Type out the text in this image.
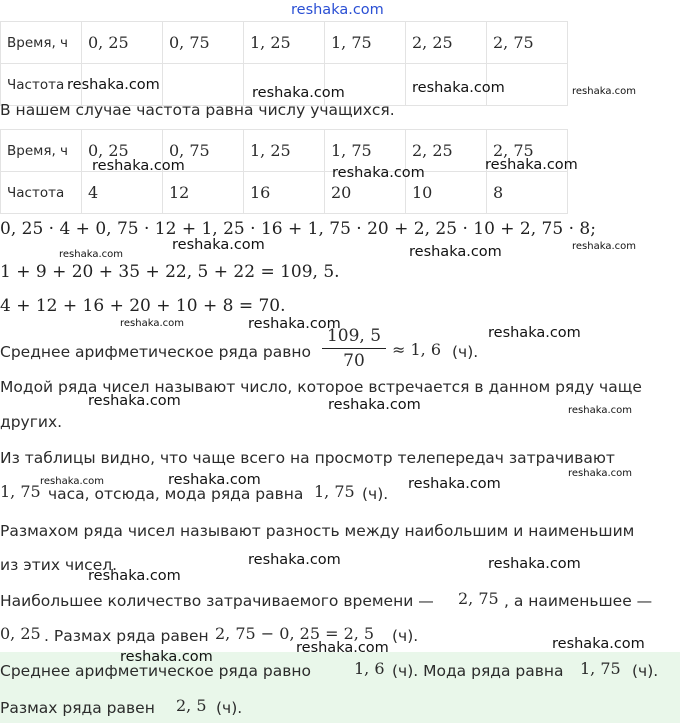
reshaka.com
Время, ч	0, 25	0, 75	1, 25	1, 75	2, 25	2, 75
Частота						
В нашем случае частота равна числу учащихся.
Время, ч	0, 25	0, 75	1, 25	1, 75	2, 25	2, 75
Частота	4	12	16	20	10	8
0, 25 · 4 + 0, 75 · 12 + 1, 25 · 16 + 1, 75 · 20 + 2, 25 · 10 + 2, 75 · 8;
1 + 9 + 20 + 35 + 22, 5 + 22 = 109, 5.
4 + 12 + 16 + 20 + 10 + 8 = 70.
Среднее арифметическое ряда равно
109, 5
70
≈ 1, 6 (ч).
Модой ряда чисел называют число, которое встречается в данном ряду чаще
других.
Из таблицы видно, что чаще всего на просмотр телепередач затрачивают
1, 75 часа, отсюда, мода ряда равна 1, 75 (ч).
Размахом ряда чисел называют разность между наибольшим и наименьшим
из этих чисел.
Наибольшее количество затрачиваемого времени — 2, 75 , а наименьшее —
0, 25 . Размах ряда равен 2, 75 − 0, 25 = 2, 5 (ч).
Среднее арифметическое ряда равно	1, 6 (ч). Мода ряда равна 1, 75 (ч).
Размах ряда равен 2, 5 (ч).
reshaka.com	reshaka.com	reshaka.com	reshaka.com
reshaka.com	reshaka.com	reshaka.com
reshaka.com
reshaka.com	reshaka.com	reshaka.com
reshaka.com	reshaka.com
reshaka.com
reshaka.com	reshaka.com	reshaka.com
reshaka.com	reshaka.com	reshaka.com
reshaka.com
reshaka.com	reshaka.com
reshaka.com
reshaka.com
reshaka.com
reshaka.com
